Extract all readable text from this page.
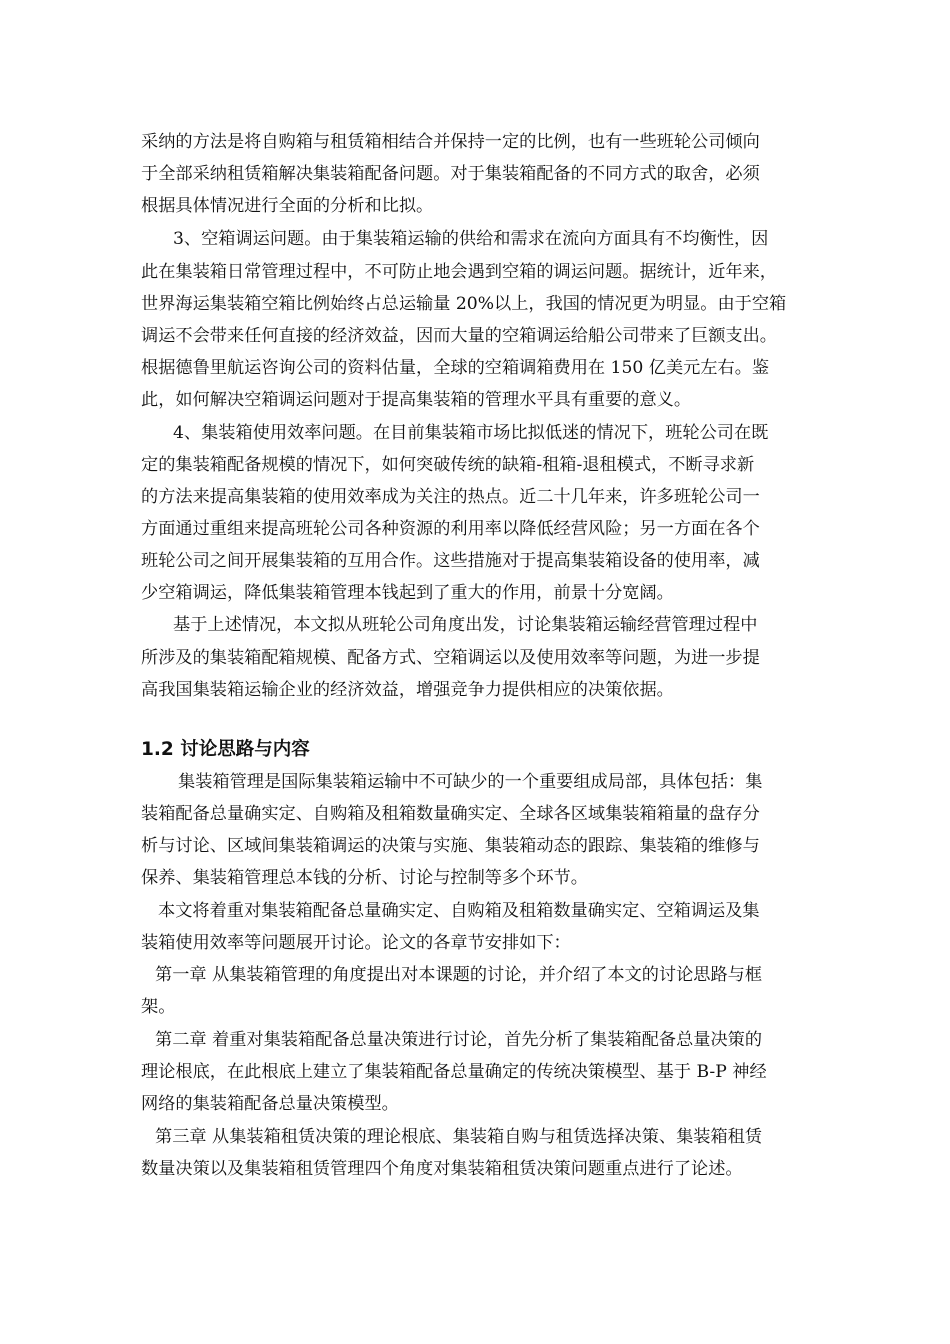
采纳的方法是将自购箱与租赁箱相结合并保持一定的比例，也有一些班轮公司倾向
于全部采纳租赁箱解决集装箱配备问题。对于集装箱配备的不同方式的取舍，必须
根据具体情况进行全面的分析和比拟。
3、空箱调运问题。由于集装箱运输的供给和需求在流向方面具有不均衡性，因
此在集装箱日常管理过程中，不可防止地会遇到空箱的调运问题。据统计，近年来，
世界海运集装箱空箱比例始终占总运输量 20%以上，我国的情况更为明显。由于空箱
调运不会带来任何直接的经济效益，因而大量的空箱调运给船公司带来了巨额支出。
根据德鲁里航运咨询公司的资料估量，全球的空箱调箱费用在 150 亿美元左右。鉴
此，如何解决空箱调运问题对于提高集装箱的管理水平具有重要的意义。
4、集装箱使用效率问题。在目前集装箱市场比拟低迷的情况下，班轮公司在既
定的集装箱配备规模的情况下，如何突破传统的缺箱-租箱-退租模式，不断寻求新
的方法来提高集装箱的使用效率成为关注的热点。近二十几年来，许多班轮公司一
方面通过重组来提高班轮公司各种资源的利用率以降低经营风险；另一方面在各个
班轮公司之间开展集装箱的互用合作。这些措施对于提高集装箱设备的使用率，减
少空箱调运，降低集装箱管理本钱起到了重大的作用，前景十分宽阔。
基于上述情况，本文拟从班轮公司角度出发，讨论集装箱运输经营管理过程中
所涉及的集装箱配箱规模、配备方式、空箱调运以及使用效率等问题，为进一步提
高我国集装箱运输企业的经济效益，增强竞争力提供相应的决策依据。
1.2 讨论思路与内容
集装箱管理是国际集装箱运输中不可缺少的一个重要组成局部，具体包括：集
装箱配备总量确实定、自购箱及租箱数量确实定、全球各区域集装箱箱量的盘存分
析与讨论、区域间集装箱调运的决策与实施、集装箱动态的跟踪、集装箱的维修与
保养、集装箱管理总本钱的分析、讨论与控制等多个环节。
本文将着重对集装箱配备总量确实定、自购箱及租箱数量确实定、空箱调运及集
装箱使用效率等问题展开讨论。论文的各章节安排如下：
第一章 从集装箱管理的角度提出对本课题的讨论，并介绍了本文的讨论思路与框
架。
第二章 着重对集装箱配备总量决策进行讨论，首先分析了集装箱配备总量决策的
理论根底，在此根底上建立了集装箱配备总量确定的传统决策模型、基于 B-P 神经
网络的集装箱配备总量决策模型。
第三章 从集装箱租赁决策的理论根底、集装箱自购与租赁选择决策、集装箱租赁
数量决策以及集装箱租赁管理四个角度对集装箱租赁决策问题重点进行了论述。
